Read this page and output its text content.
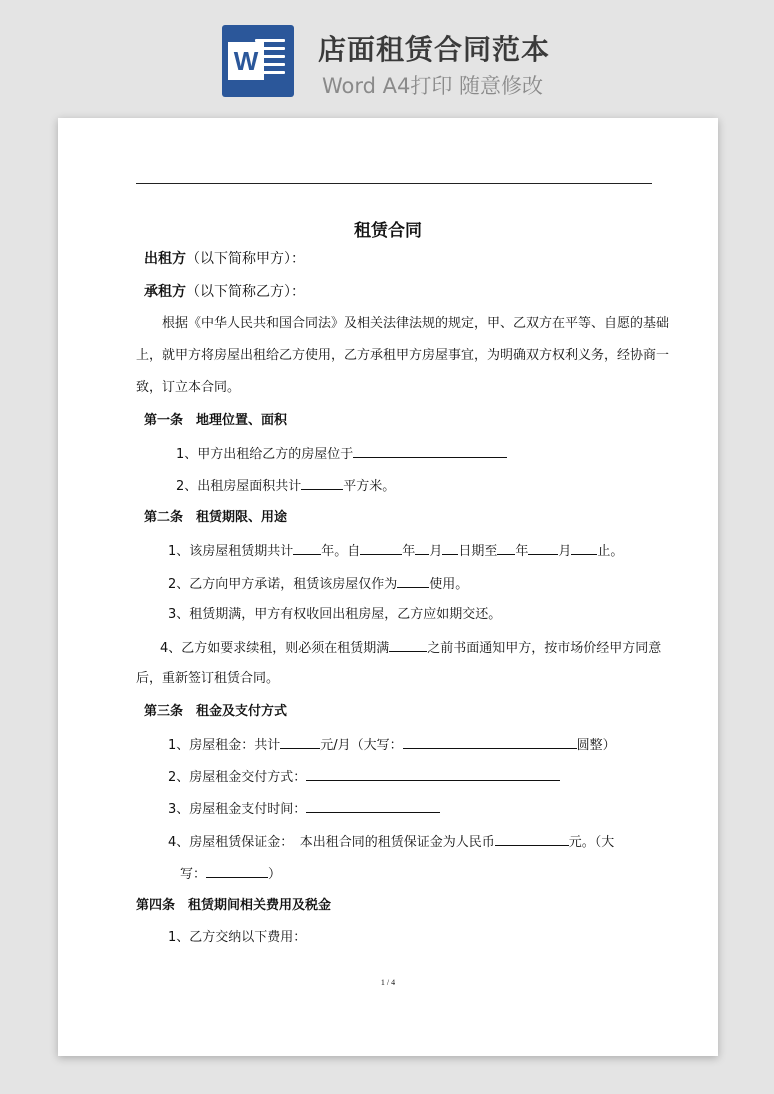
W 店面租赁合同范本
Word A4打印 随意修改
租赁合同
出租方（以下简称甲方）：
承租方（以下简称乙方）：
根据《中华人民共和国合同法》及相关法律法规的规定，甲、乙双方在平等、自愿的基础
上，就甲方将房屋出租给乙方使用，乙方承租甲方房屋事宜，为明确双方权利义务，经协商一
致，订立本合同。
第一条　地理位置、面积
1、甲方出租给乙方的房屋位于
2、出租房屋面积共计	平方米。
第二条　租赁期限、用途
1、该房屋租赁期共计 年。自	年 月 日期至 年 月 止。
2、乙方向甲方承诺，租赁该房屋仅作为 使用。
3、租赁期满，甲方有权收回出租房屋，乙方应如期交还。
4、乙方如要求续租，则必须在租赁期满	之前书面通知甲方，按市场价经甲方同意
后，重新签订租赁合同。
第三条　租金及支付方式
1、房屋租金：共计	元/月（大写：	圆整）
2、房屋租金交付方式：
3、房屋租金支付时间：
4、房屋租赁保证金：　本出租合同的租赁保证金为人民币	元。（大
写：	）
第四条　租赁期间相关费用及税金
1、乙方交纳以下费用：
1 / 4
